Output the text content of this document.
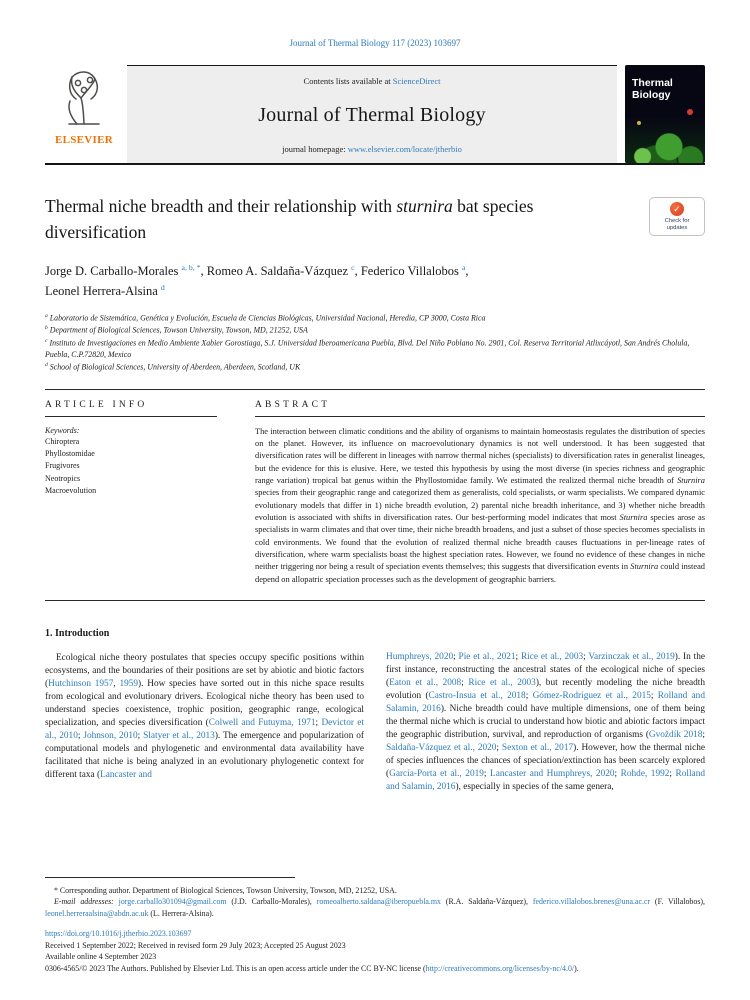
Journal of Thermal Biology 117 (2023) 103697
ELSEVIER
Contents lists available at ScienceDirect
Journal of Thermal Biology
journal homepage: www.elsevier.com/locate/jtherbio
Thermal
Biology
Thermal niche breadth and their relationship with sturnira bat species diversification
✓
Check for updates
Jorge D. Carballo-Morales $^{a, b, *}$, Romeo A. Saldaña-Vázquez $^c$, Federico Villalobos $^a$,
Leonel Herrera-Alsina $^d$
$^a$ Laboratorio de Sistemática, Genética y Evolución, Escuela de Ciencias Biológicas, Universidad Nacional, Heredia, CP 3000, Costa Rica
$^b$ Department of Biological Sciences, Towson University, Towson, MD, 21252, USA
$^c$ Instituto de Investigaciones en Medio Ambiente Xabier Gorostiaga, S.J. Universidad Iberoamericana Puebla, Blvd. Del Niño Poblano No. 2901, Col. Reserva Territorial Atlixcáyotl, San Andrés Cholula, Puebla, C.P.72820, Mexico
$^d$ School of Biological Sciences, University of Aberdeen, Aberdeen, Scotland, UK
ARTICLE INFO
Keywords:
Chiroptera
Phyllostomidae
Frugivores
Neotropics
Macroevolution
ABSTRACT

The interaction between climatic conditions and the ability of organisms to maintain homeostasis regulates the distribution of species on the planet. However, its influence on macroevolutionary dynamics is not well understood. It has been suggested that diversification rates will be different in lineages with narrow thermal niches (specialists) to diversification rates in generalist lineages, but the evidence for this is elusive. Here, we tested this hypothesis by using the most diverse (in species richness and geographic range variation) tropical bat genus within the Phyllostomidae family. We estimated the realized thermal niche breadth of Sturnira species from their geographic range and categorized them as generalists, cold specialists, or warm specialists. We compared dynamic evolutionary models that differ in 1) niche breadth evolution, 2) parental niche breadth inheritance, and 3) whether niche breadth evolution is associated with shifts in diversification rates. Our best-performing model indicates that most Sturnira species arose as specialists in warm climates and that over time, their niche breadth broadens, and just a subset of those species becomes specialists in cold environments. We found that the evolution of realized thermal niche breadth causes fluctuations in per-lineage rates of diversification, where warm specialists boast the highest speciation rates. However, we found no evidence of these changes in niche neither triggering nor being a result of speciation events themselves; this suggests that diversification events in Sturnira could instead depend on allopatric speciation processes such as the development of geographic barriers.

1. Introduction

Ecological niche theory postulates that species occupy specific positions within ecosystems, and the boundaries of their positions are set by abiotic and biotic factors (Hutchinson 1957, 1959). How species have sorted out in this niche space results from ecological and evolutionary drivers. Ecological niche theory has been used to understand species coexistence, trophic position, geographic range, ecological specialization, and species diversification (Colwell and Futuyma, 1971; Devictor et al., 2010; Johnson, 2010; Slatyer et al., 2013). The emergence and popularization of computational models and phylogenetic and environmental data availability have facilitated that niche is being analyzed in an evolutionary phylogenetic context for different taxa (Lancaster and

Humphreys, 2020; Pie et al., 2021; Rice et al., 2003; Varzinczak et al., 2019). In the first instance, reconstructing the ancestral states of the ecological niche of species (Eaton et al., 2008; Rice et al., 2003), but recently modeling the niche breadth evolution (Castro-Insua et al., 2018; Gómez-Rodríguez et al., 2015; Rolland and Salamin, 2016). Niche breadth could have multiple dimensions, one of them being the thermal niche which is crucial to understand how biotic and abiotic factors impact the geographic distribution, survival, and reproduction of organisms (Gvoždík 2018; Saldaña-Vázquez et al., 2020; Sexton et al., 2017). However, how the thermal niche of species influences the chances of speciation/extinction has been scarcely explored (García-Porta et al., 2019; Lancaster and Humphreys, 2020; Rohde, 1992; Rolland and Salamin, 2016), especially in species of the same genera,

* Corresponding author. Department of Biological Sciences, Towson University, Towson, MD, 21252, USA.

E-mail addresses: jorge.carballo301094@gmail.com (J.D. Carballo-Morales), romeoalberto.saldana@iberopuebla.mx (R.A. Saldaña-Vázquez), federico.villalobos.brenes@una.ac.cr (F. Villalobos), leonel.herreraalsina@abdn.ac.uk (L. Herrera-Alsina).

https://doi.org/10.1016/j.jtherbio.2023.103697

Received 1 September 2022; Received in revised form 29 July 2023; Accepted 25 August 2023

Available online 4 September 2023

0306-4565/© 2023 The Authors. Published by Elsevier Ltd. This is an open access article under the CC BY-NC license (http://creativecommons.org/licenses/by-nc/4.0/).
